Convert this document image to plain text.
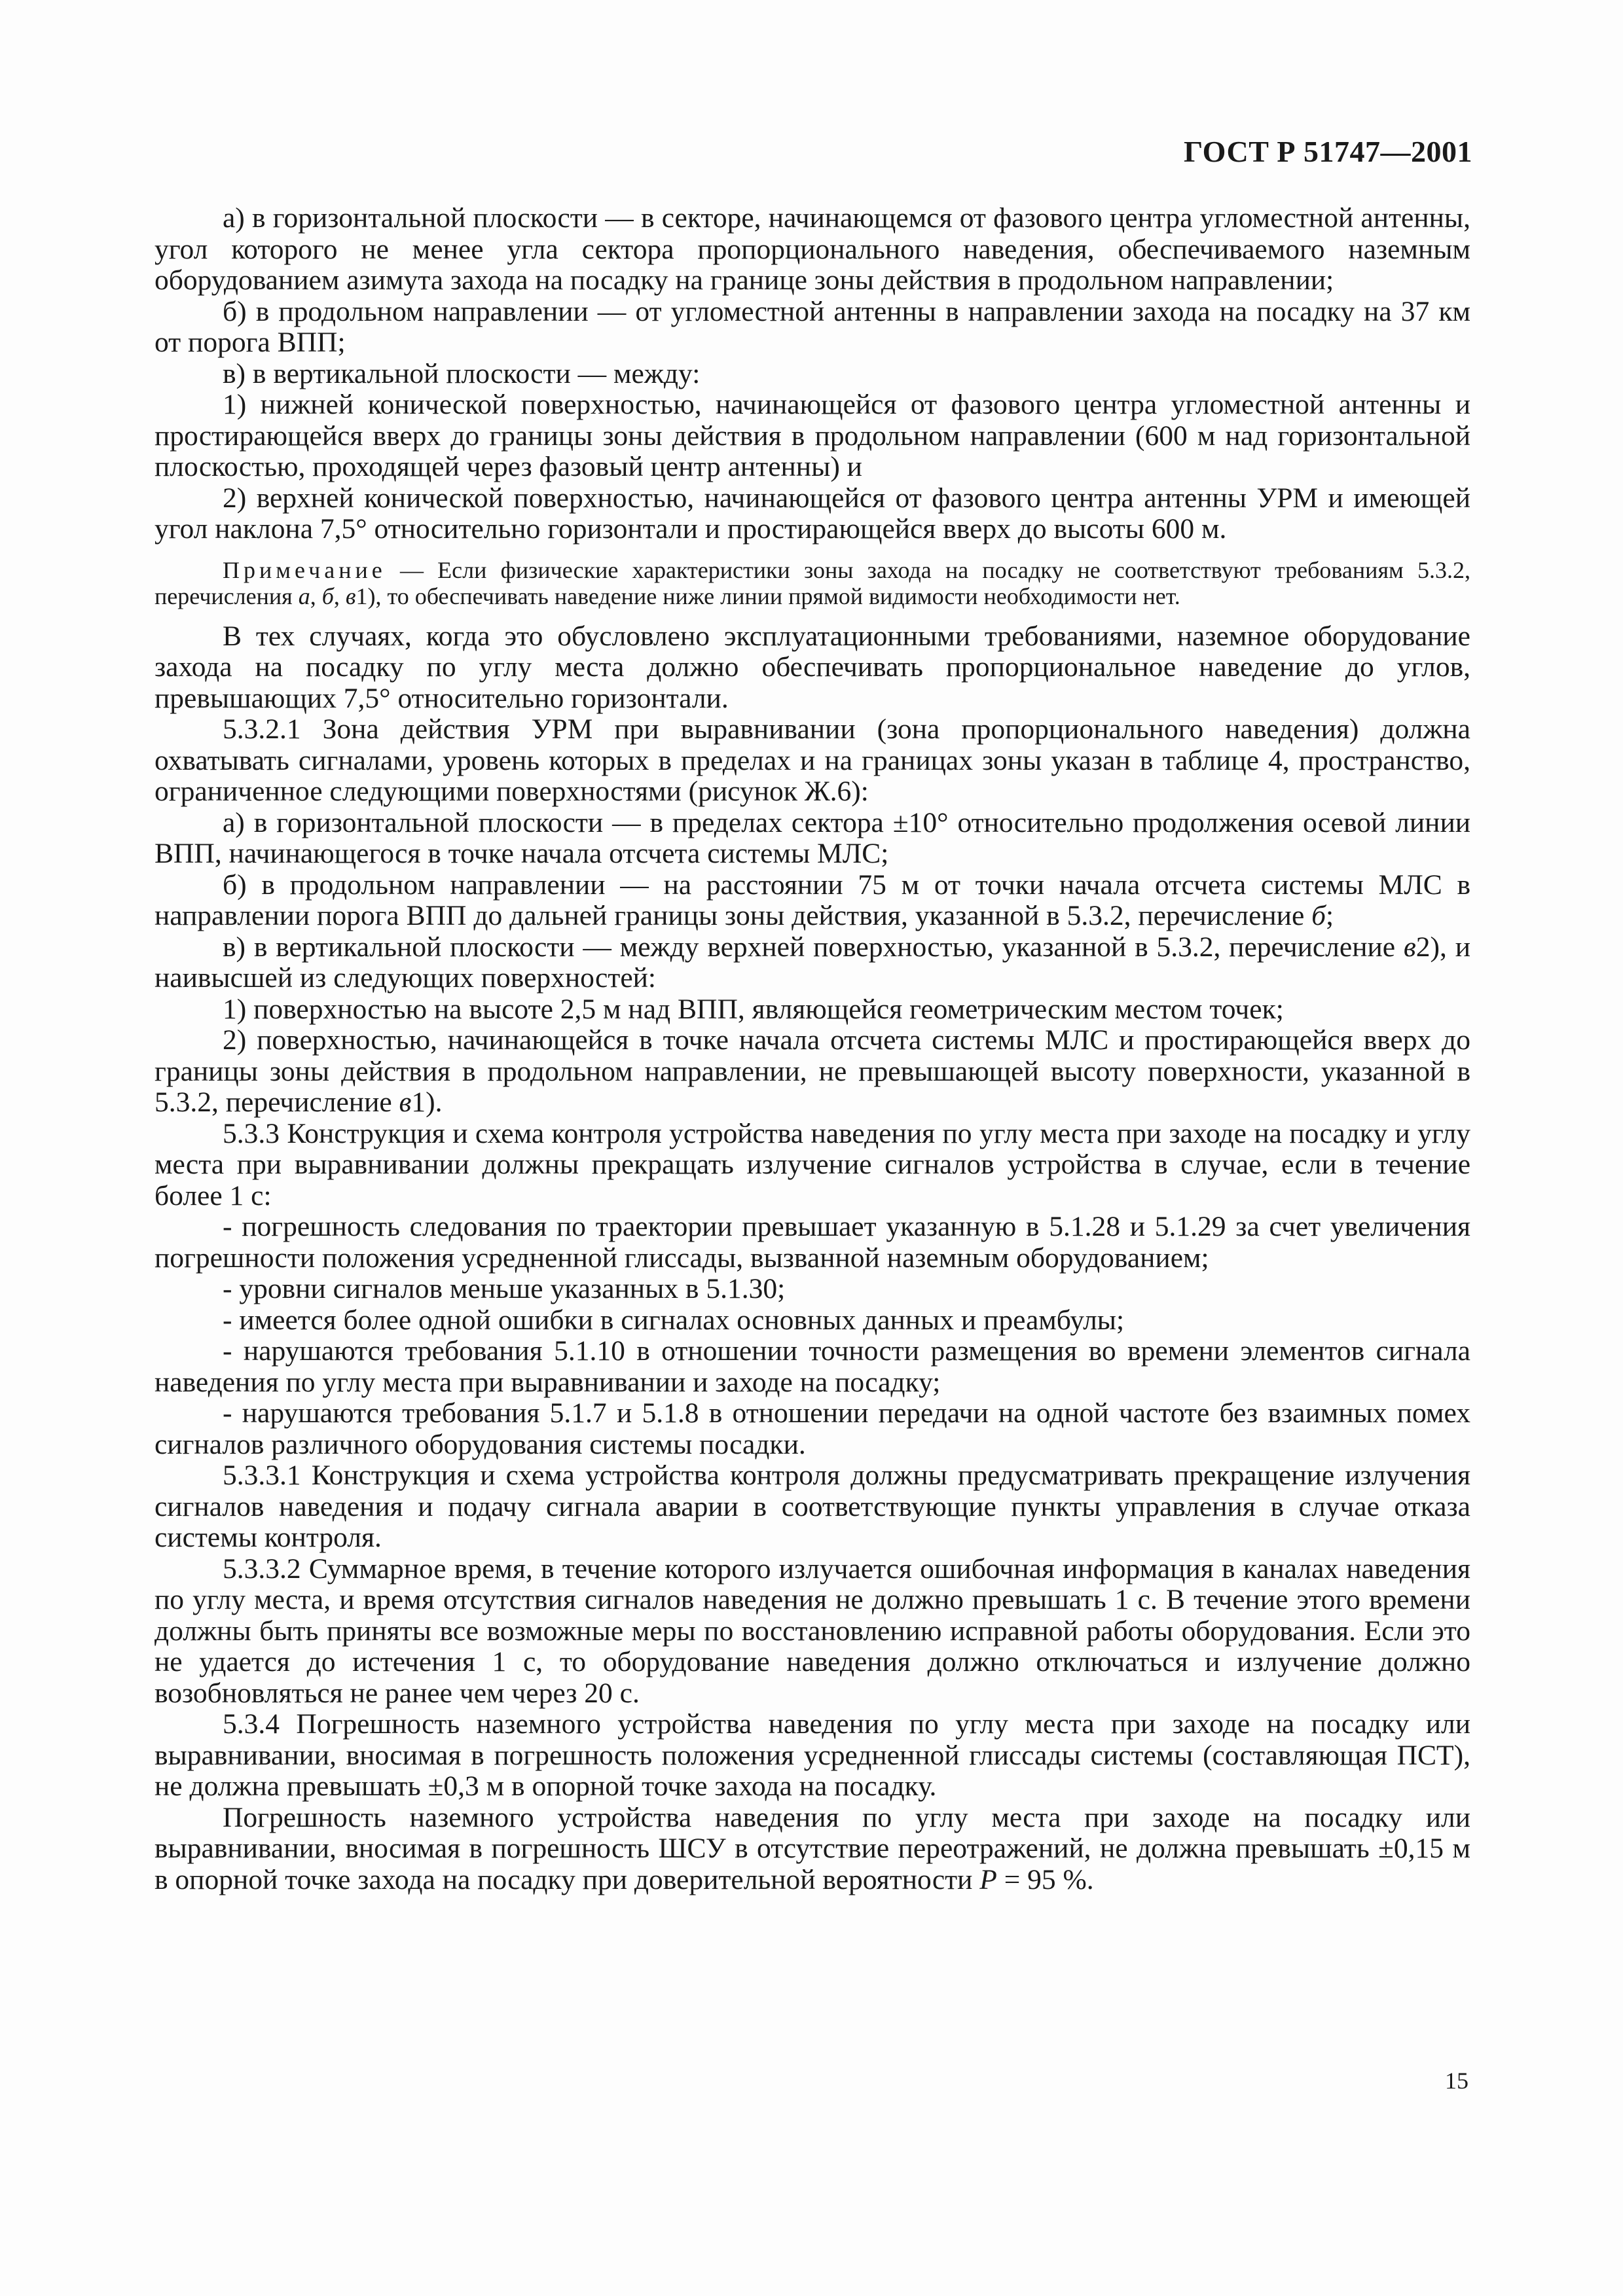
ГОСТ Р 51747—2001

а) в горизонтальной плоскости — в секторе, начинающемся от фазового центра угломестной антенны, угол которого не менее угла сектора пропорционального наведения, обеспечиваемого наземным оборудованием азимута захода на посадку на границе зоны действия в продольном направлении;

б) в продольном направлении — от угломестной антенны в направлении захода на посадку на 37 км от порога ВПП;

в) в вертикальной плоскости — между:

1) нижней конической поверхностью, начинающейся от фазового центра угломестной антенны и простирающейся вверх до границы зоны действия в продольном направлении (600 м над горизонтальной плоскостью, проходящей через фазовый центр антенны) и

2) верхней конической поверхностью, начинающейся от фазового центра антенны УРМ и имеющей угол наклона 7,5° относительно горизонтали и простирающейся вверх до высоты 600 м.

Примечание — Если физические характеристики зоны захода на посадку не соответствуют требованиям 5.3.2, перечисления а, б, в1), то обеспечивать наведение ниже линии прямой видимости необходимости нет.

В тех случаях, когда это обусловлено эксплуатационными требованиями, наземное оборудование захода на посадку по углу места должно обеспечивать пропорциональное наведение до углов, превышающих 7,5° относительно горизонтали.

5.3.2.1 Зона действия УРМ при выравнивании (зона пропорционального наведения) должна охватывать сигналами, уровень которых в пределах и на границах зоны указан в таблице 4, пространство, ограниченное следующими поверхностями (рисунок Ж.6):

а) в горизонтальной плоскости — в пределах сектора ±10° относительно продолжения осевой линии ВПП, начинающегося в точке начала отсчета системы МЛС;

б) в продольном направлении — на расстоянии 75 м от точки начала отсчета системы МЛС в направлении порога ВПП до дальней границы зоны действия, указанной в 5.3.2, перечисление б;

в) в вертикальной плоскости — между верхней поверхностью, указанной в 5.3.2, перечисление в2), и наивысшей из следующих поверхностей:

1) поверхностью на высоте 2,5 м над ВПП, являющейся геометрическим местом точек;

2) поверхностью, начинающейся в точке начала отсчета системы МЛС и простирающейся вверх до границы зоны действия в продольном направлении, не превышающей высоту поверхности, указанной в 5.3.2, перечисление в1).

5.3.3 Конструкция и схема контроля устройства наведения по углу места при заходе на посадку и углу места при выравнивании должны прекращать излучение сигналов устройства в случае, если в течение более 1 с:

- погрешность следования по траектории превышает указанную в 5.1.28 и 5.1.29 за счет увеличения погрешности положения усредненной глиссады, вызванной наземным оборудованием;

- уровни сигналов меньше указанных в 5.1.30;

- имеется более одной ошибки в сигналах основных данных и преамбулы;

- нарушаются требования 5.1.10 в отношении точности размещения во времени элементов сигнала наведения по углу места при выравнивании и заходе на посадку;

- нарушаются требования 5.1.7 и 5.1.8 в отношении передачи на одной частоте без взаимных помех сигналов различного оборудования системы посадки.

5.3.3.1 Конструкция и схема устройства контроля должны предусматривать прекращение излучения сигналов наведения и подачу сигнала аварии в соответствующие пункты управления в случае отказа системы контроля.

5.3.3.2 Суммарное время, в течение которого излучается ошибочная информация в каналах наведения по углу места, и время отсутствия сигналов наведения не должно превышать 1 с. В течение этого времени должны быть приняты все возможные меры по восстановлению исправной работы оборудования. Если это не удается до истечения 1 с, то оборудование наведения должно отключаться и излучение должно возобновляться не ранее чем через 20 с.

5.3.4 Погрешность наземного устройства наведения по углу места при заходе на посадку или выравнивании, вносимая в погрешность положения усредненной глиссады системы (составляющая ПСТ), не должна превышать ±0,3 м в опорной точке захода на посадку.

Погрешность наземного устройства наведения по углу места при заходе на посадку или выравнивании, вносимая в погрешность ШСУ в отсутствие переотражений, не должна превышать ±0,15 м в опорной точке захода на посадку при доверительной вероятности P = 95 %.

15
